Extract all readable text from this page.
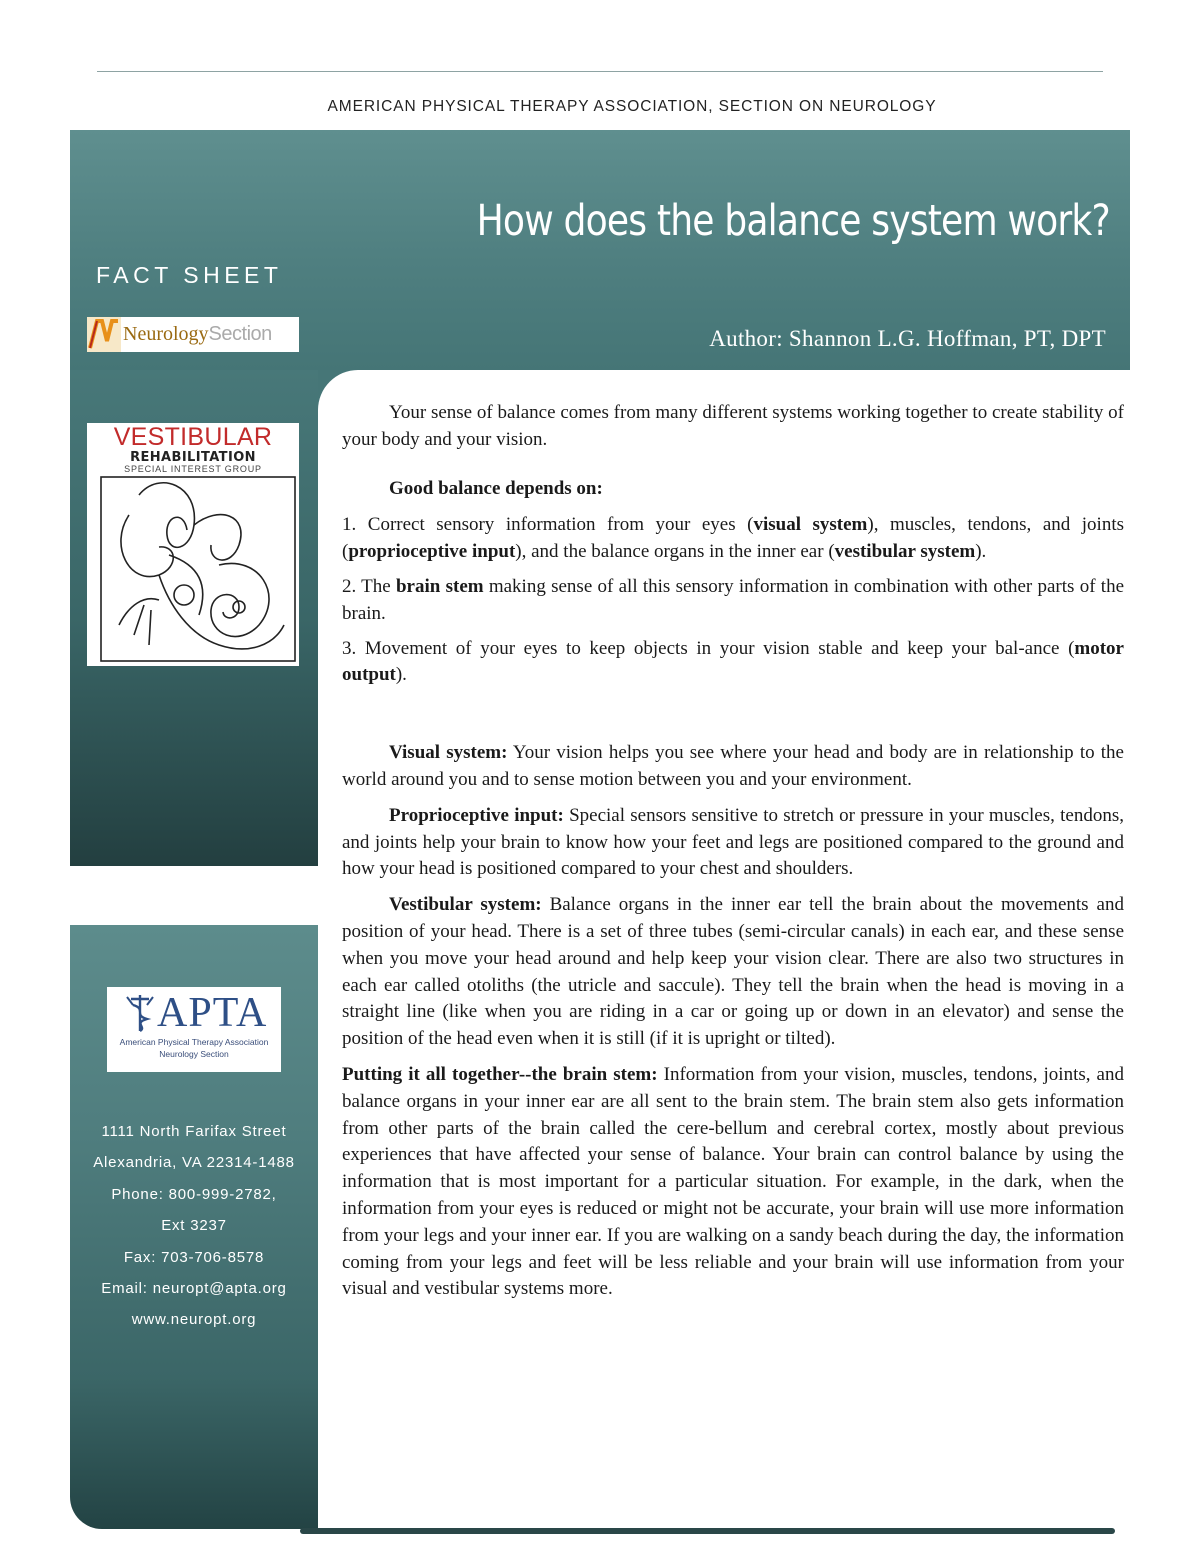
AMERICAN PHYSICAL THERAPY ASSOCIATION, SECTION ON NEUROLOGY
FACT SHEET
How does the balance system work?
Author: Shannon L.G. Hoffman, PT, DPT
Neurology Section
VESTIBULAR
REHABILITATION
SPECIAL INTEREST GROUP
APTA
American Physical Therapy Association
Neurology Section
1111 North Farifax Street
Alexandria, VA 22314-1488
Phone: 800-999-2782,
Ext 3237
Fax: 703-706-8578
Email: neuropt@apta.org
www.neuropt.org

Your sense of balance comes from many different systems working together to create stability of your body and your vision.

Good balance depends on:

1. Correct sensory information from your eyes (visual system), muscles, tendons, and joints (proprioceptive input), and the balance organs in the inner ear (vestibular system).

2. The brain stem making sense of all this sensory information in combination with other parts of the brain.

3. Movement of your eyes to keep objects in your vision stable and keep your bal-ance (motor output).

Visual system: Your vision helps you see where your head and body are in relationship to the world around you and to sense motion between you and your environment.

Proprioceptive input: Special sensors sensitive to stretch or pressure in your muscles, tendons, and joints help your brain to know how your feet and legs are positioned compared to the ground and how your head is positioned compared to your chest and shoulders.

Vestibular system: Balance organs in the inner ear tell the brain about the movements and position of your head. There is a set of three tubes (semi-circular canals) in each ear, and these sense when you move your head around and help keep your vision clear. There are also two structures in each ear called otoliths (the utricle and saccule). They tell the brain when the head is moving in a straight line (like when you are riding in a car or going up or down in an elevator) and sense the position of the head even when it is still (if it is upright or tilted).

Putting it all together--the brain stem: Information from your vision, muscles, tendons, joints, and balance organs in your inner ear are all sent to the brain stem. The brain stem also gets information from other parts of the brain called the cere-bellum and cerebral cortex, mostly about previous experiences that have affected your sense of balance. Your brain can control balance by using the information that is most important for a particular situation. For example, in the dark, when the information from your eyes is reduced or might not be accurate, your brain will use more information from your legs and your inner ear. If you are walking on a sandy beach during the day, the information coming from your legs and feet will be less reliable and your brain will use information from your visual and vestibular systems more.
